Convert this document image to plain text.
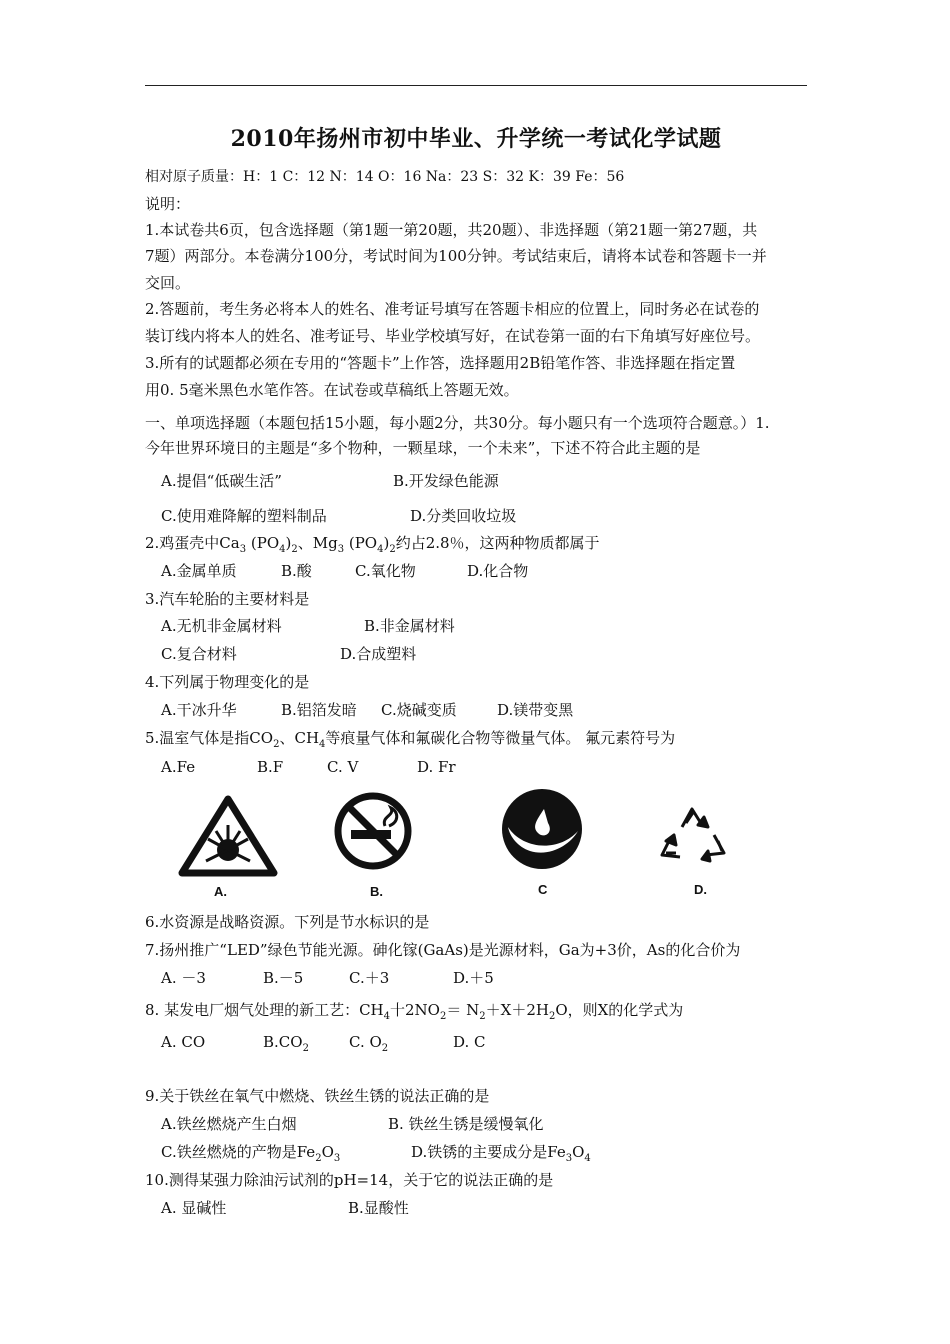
2010年扬州市初中毕业、升学统一考试化学试题
相对原子质量：H：1 C：12 N：14 O：16 Na：23 S：32 K：39 Fe：56
说明：
1.本试卷共6页，包含选择题（第1题一第20题，共20题）、非选择题（第21题一第27题，共
7题）两部分。本卷满分100分，考试时间为100分钟。考试结束后，请将本试卷和答题卡一并
交回。
2.答题前，考生务必将本人的姓名、准考证号填写在答题卡相应的位置上，同时务必在试卷的
装订线内将本人的姓名、准考证号、毕业学校填写好，在试卷第一面的右下角填写好座位号。
3.所有的试题都必须在专用的“答题卡”上作答，选择题用2B铅笔作答、非选择题在指定置
用0. 5毫米黑色水笔作答。在试卷或草稿纸上答题无效。
一、单项选择题（本题包括15小题，每小题2分，共30分。每小题只有一个选项符合题意。）1.
今年世界环境日的主题是“多个物种，一颗星球，一个未来”，下述不符合此主题的是
A.提倡“低碳生活”	B.开发绿色能源
C.使用难降解的塑料制品	D.分类回收垃圾
2.鸡蛋壳中$Ca_3$ $(PO_4)_2$、$Mg_3$ $(PO_4)_2$约占2.8％，这两种物质都属于
A.金属单质	B.酸	C.氧化物	D.化合物
3.汽车轮胎的主要材料是
A.无机非金属材料	B.非金属材料
C.复合材料	D.合成塑料
4.下列属于物理变化的是
A.干冰升华	B.铝箔发暗 C.烧碱变质	D.镁带变黑
5.温室气体是指$CO_2$、$CH_4$等痕量气体和氟碳化合物等微量气体。 氟元素符号为
A.Fe	B.F	C. V	D. Fr
A.	B.	C	D.
6.水资源是战略资源。下列是节水标识的是
7.扬州推广“LED”绿色节能光源。砷化镓(GaAs)是光源材料，Ga为+3价，As的化合价为
A. －3	B.－5	C.＋3	D.＋5
8. 某发电厂烟气处理的新工艺：$CH_4$十$2NO_2= N_2+X+2H_2O$，则X的化学式为
A. CO	$B.CO_2$	C. $O_2$	D. C
9.关于铁丝在氧气中燃烧、铁丝生锈的说法正确的是
A.铁丝燃烧产生白烟	B. 铁丝生锈是缓慢氧化
C.铁丝燃烧的产物是$Fe_2O_3$	D.铁锈的主要成分是$Fe_3O_4$
10.测得某强力除油污试剂的pH=14，关于它的说法正确的是
A. 显碱性	B.显酸性
